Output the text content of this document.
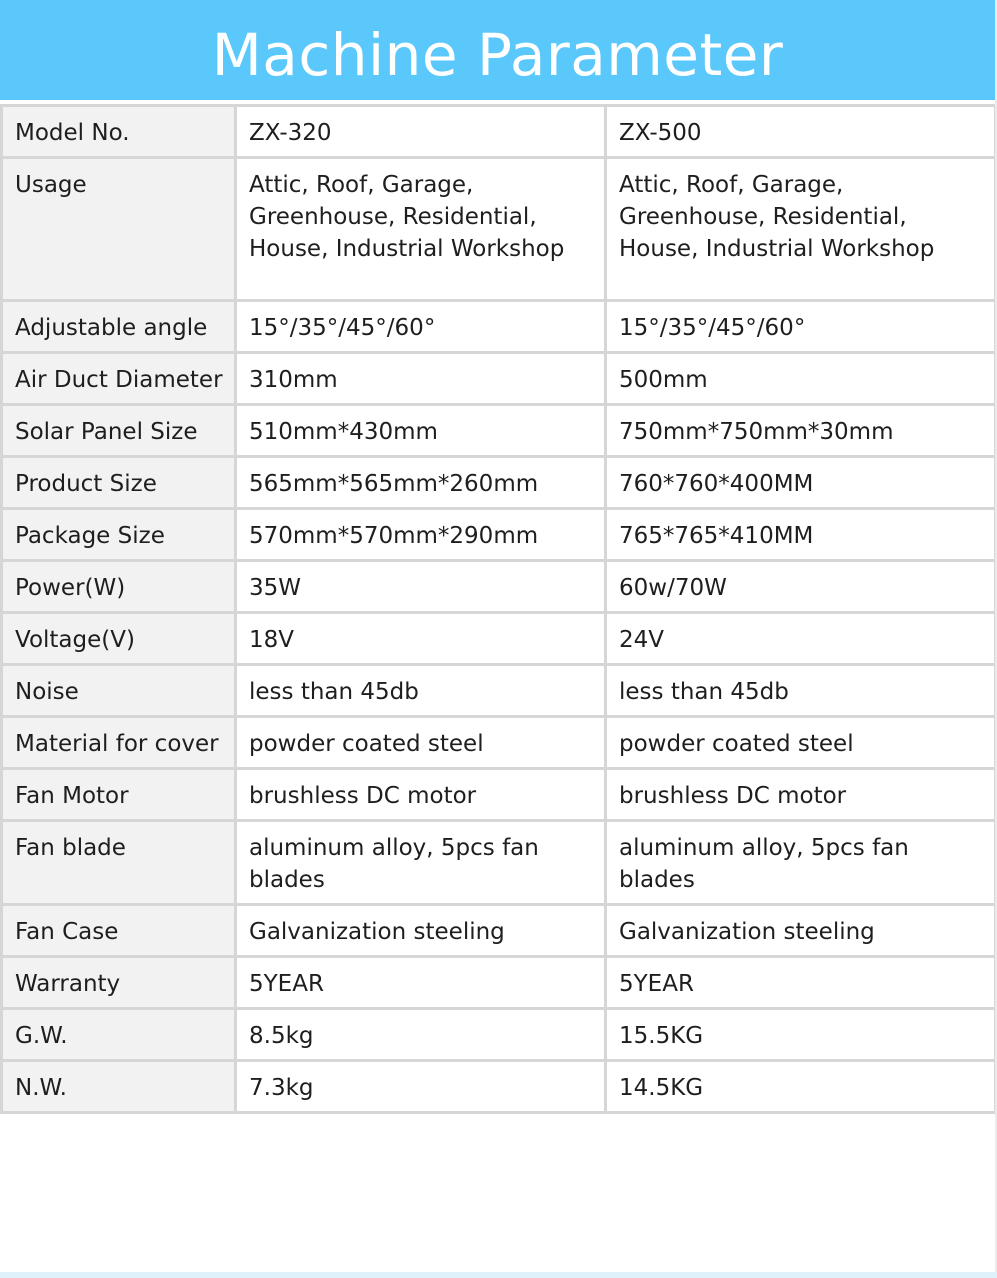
Machine Parameter
Model No.	ZX-320	ZX-500
Usage	Attic, Roof, Garage, Greenhouse, Residential, House, Industrial Workshop	Attic, Roof, Garage, Greenhouse, Residential, House, Industrial Workshop
Adjustable angle	15°/35°/45°/60°	15°/35°/45°/60°
Air Duct Diameter	310mm	500mm
Solar Panel Size	510mm*430mm	750mm*750mm*30mm
Product Size	565mm*565mm*260mm	760*760*400MM
Package Size	570mm*570mm*290mm	765*765*410MM
Power(W)	35W	60w/70W
Voltage(V)	18V	24V
Noise	less than 45db	less than 45db
Material for cover	powder coated steel	powder coated steel
Fan Motor	brushless DC motor	brushless DC motor
Fan blade	aluminum alloy, 5pcs fan blades	aluminum alloy, 5pcs fan blades
Fan Case	Galvanization steeling	Galvanization steeling
Warranty	5YEAR	5YEAR
G.W.	8.5kg	15.5KG
N.W.	7.3kg	14.5KG
